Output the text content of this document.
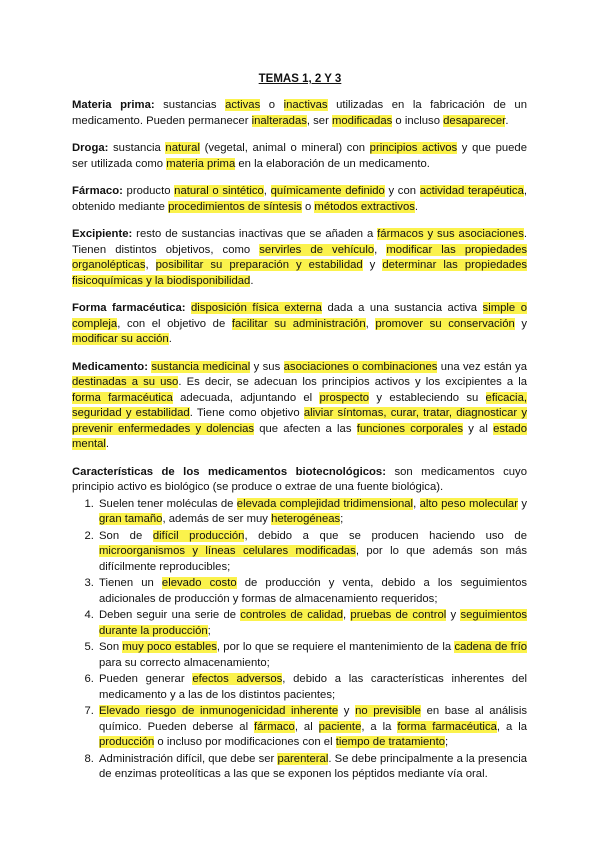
TEMAS 1, 2 Y 3
Materia prima: sustancias activas o inactivas utilizadas en la fabricación de un medicamento. Pueden permanecer inalteradas, ser modificadas o incluso desaparecer.
Droga: sustancia natural (vegetal, animal o mineral) con principios activos y que puede ser utilizada como materia prima en la elaboración de un medicamento.
Fármaco: producto natural o sintético, químicamente definido y con actividad terapéutica, obtenido mediante procedimientos de síntesis o métodos extractivos.
Excipiente: resto de sustancias inactivas que se añaden a fármacos y sus asociaciones. Tienen distintos objetivos, como servirles de vehículo, modificar las propiedades organolépticas, posibilitar su preparación y estabilidad y determinar las propiedades fisicoquímicas y la biodisponibilidad.
Forma farmacéutica: disposición física externa dada a una sustancia activa simple o compleja, con el objetivo de facilitar su administración, promover su conservación y modificar su acción.
Medicamento: sustancia medicinal y sus asociaciones o combinaciones una vez están ya destinadas a su uso. Es decir, se adecuan los principios activos y los excipientes a la forma farmacéutica adecuada, adjuntando el prospecto y estableciendo su eficacia, seguridad y estabilidad. Tiene como objetivo aliviar síntomas, curar, tratar, diagnosticar y prevenir enfermedades y dolencias que afecten a las funciones corporales y al estado mental.
Características de los medicamentos biotecnológicos: son medicamentos cuyo principio activo es biológico (se produce o extrae de una fuente biológica).
1. Suelen tener moléculas de elevada complejidad tridimensional, alto peso molecular y gran tamaño, además de ser muy heterogéneas;
2. Son de difícil producción, debido a que se producen haciendo uso de microorganismos y líneas celulares modificadas, por lo que además son más difícilmente reproducibles;
3. Tienen un elevado costo de producción y venta, debido a los seguimientos adicionales de producción y formas de almacenamiento requeridos;
4. Deben seguir una serie de controles de calidad, pruebas de control y seguimientos durante la producción;
5. Son muy poco estables, por lo que se requiere el mantenimiento de la cadena de frío para su correcto almacenamiento;
6. Pueden generar efectos adversos, debido a las características inherentes del medicamento y a las de los distintos pacientes;
7. Elevado riesgo de inmunogenicidad inherente y no previsible en base al análisis químico. Pueden deberse al fármaco, al paciente, a la forma farmacéutica, a la producción o incluso por modificaciones con el tiempo de tratamiento;
8. Administración difícil, que debe ser parenteral. Se debe principalmente a la presencia de enzimas proteolíticas a las que se exponen los péptidos mediante vía oral.
